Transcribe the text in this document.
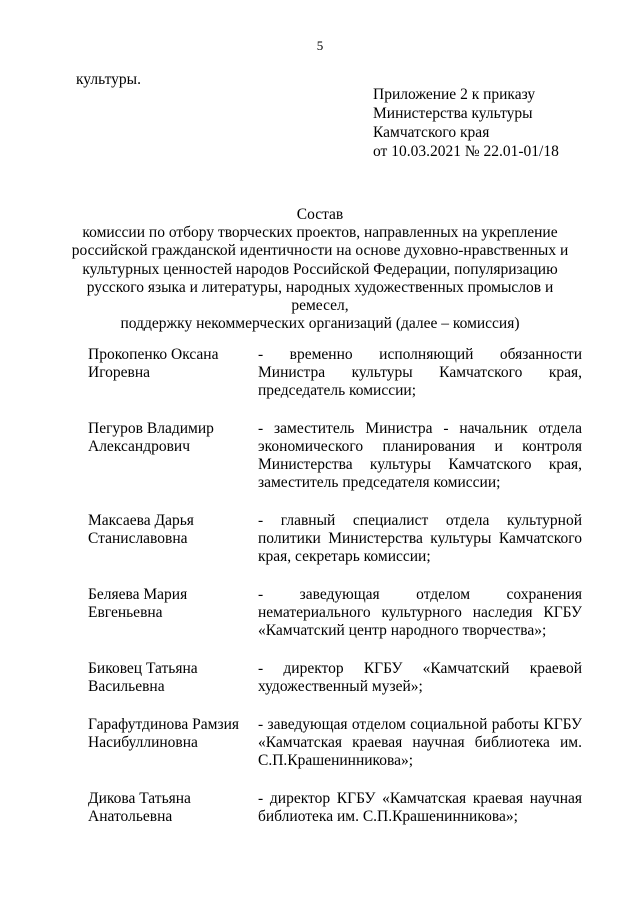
5
культуры.
Приложение 2 к приказу
Министерства культуры
Камчатского края
от 10.03.2021 № 22.01-01/18
Состав
комиссии по отбору творческих проектов, направленных на укрепление
российской гражданской идентичности на основе духовно-нравственных и
культурных ценностей народов Российской Федерации, популяризацию
русского языка и литературы, народных художественных промыслов и ремесел,
поддержку некоммерческих организаций (далее – комиссия)
Прокопенко Оксана
Игоревна
- временно исполняющий обязанности Министра культуры Камчатского края, председатель комиссии;
Пегуров Владимир
Александрович
- заместитель Министра - начальник отдела экономического планирования и контроля Министерства культуры Камчатского края, заместитель председателя комиссии;
Максаева Дарья
Станиславовна
- главный специалист отдела культурной политики Министерства культуры Камчатского края, секретарь комиссии;
Беляева Мария
Евгеньевна
- заведующая отделом сохранения нематериального культурного наследия КГБУ «Камчатский центр народного творчества»;
Биковец Татьяна
Васильевна
- директор КГБУ «Камчатский краевой художественный музей»;
Гарафутдинова Рамзия
Насибуллиновна
- заведующая отделом социальной работы КГБУ «Камчатская краевая научная библиотека им. С.П.Крашенинникова»;
Дикова Татьяна
Анатольевна
- директор КГБУ «Камчатская краевая научная библиотека им. С.П.Крашенинникова»;
